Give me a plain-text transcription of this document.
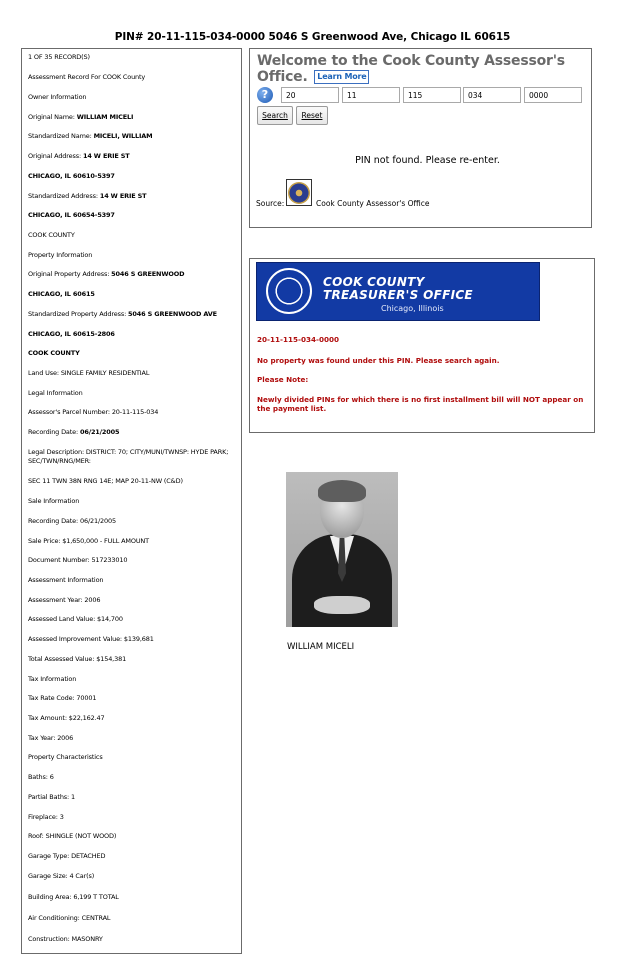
PIN# 20-11-115-034-0000 5046 S Greenwood Ave, Chicago IL 60615
1 OF 35 RECORD(S)
Assessment Record For COOK County
Owner Information
Original Name: WILLIAM MICELI
Standardized Name: MICELI, WILLIAM
Original Address: 14 W ERIE ST
CHICAGO, IL 60610-5397
Standardized Address: 14 W ERIE ST
CHICAGO, IL 60654-5397
COOK COUNTY
Property Information
Original Property Address: 5046 S GREENWOOD
CHICAGO, IL 60615
Standardized Property Address: 5046 S GREENWOOD AVE
CHICAGO, IL 60615-2806
COOK COUNTY
Land Use: SINGLE FAMILY RESIDENTIAL
Legal Information
Assessor's Parcel Number: 20-11-115-034
Recording Date: 06/21/2005
Legal Description: DISTRICT: 70; CITY/MUNI/TWNSP: HYDE PARK; SEC/TWN/RNG/MER:
SEC 11 TWN 38N RNG 14E; MAP 20-11-NW (C&D)
Sale Information
Recording Date: 06/21/2005
Sale Price: $1,650,000 - FULL AMOUNT
Document Number: 517233010
Assessment Information
Assessment Year: 2006
Assessed Land Value: $14,700
Assessed Improvement Value: $139,681
Total Assessed Value: $154,381
Tax Information
Tax Rate Code: 70001
Tax Amount: $22,162.47
Tax Year: 2006
Property Characteristics
Baths: 6
Partial Baths: 1
Fireplace: 3
Roof: SHINGLE (NOT WOOD)
Garage Type: DETACHED
Garage Size: 4 Car(s)
Building Area: 6,199 T TOTAL
Air Conditioning: CENTRAL
Construction: MASONRY
Welcome to the Cook County Assessor's Office. Learn More
?
20
11
115
034
0000
Search	Reset
PIN not found. Please re-enter.
Source:	Cook County Assessor's Office
COOK COUNTY
TREASURER'S OFFICE
Chicago, Illinois
20-11-115-034-0000
No property was found under this PIN. Please search again.
Please Note:
Newly divided PINs for which there is no first installment bill will NOT appear on the payment list.
WILLIAM MICELI
